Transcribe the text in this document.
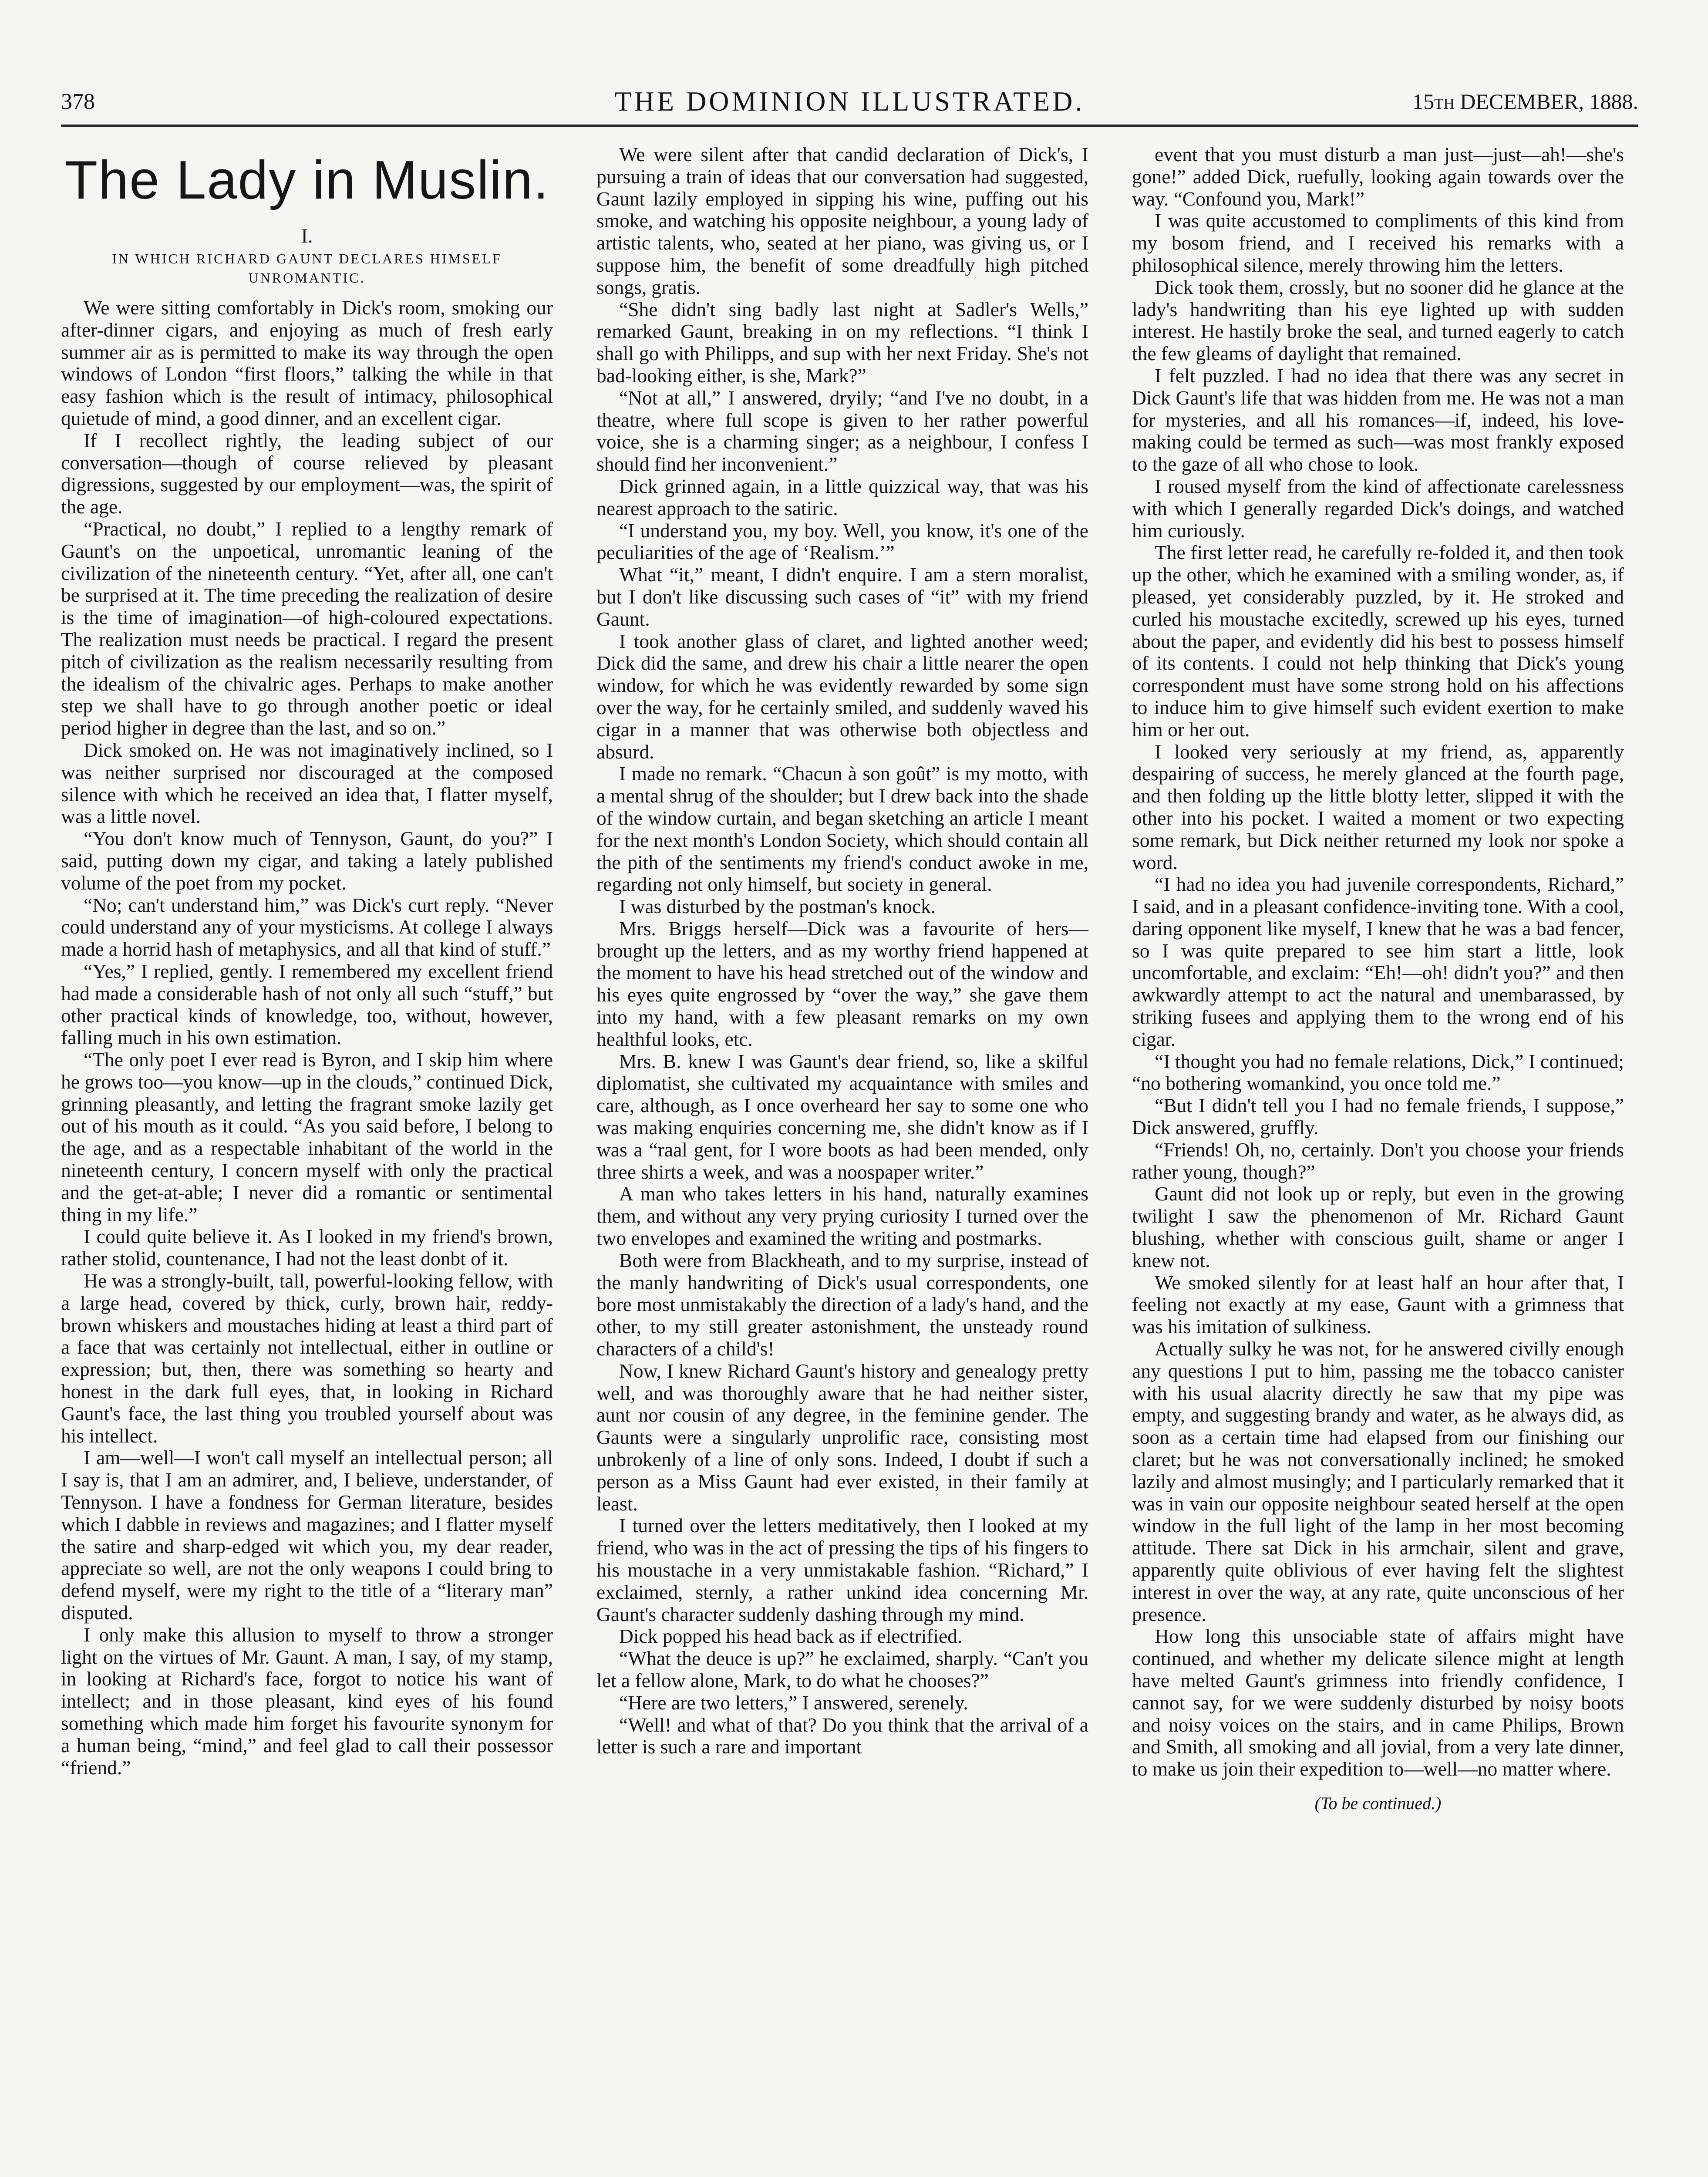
378	THE DOMINION ILLUSTRATED.	15th DECEMBER, 1888.
The Lady in Muslin.
I.
IN WHICH RICHARD GAUNT DECLARES HIMSELF UNROMANTIC.

We were sitting comfortably in Dick's room, smoking our after-dinner cigars, and enjoying as much of fresh early summer air as is permitted to make its way through the open windows of London “first floors,” talking the while in that easy fashion which is the result of intimacy, philosophical quietude of mind, a good dinner, and an excellent cigar.

If I recollect rightly, the leading subject of our conversation—though of course relieved by pleasant digressions, suggested by our employment—was, the spirit of the age.

“Practical, no doubt,” I replied to a lengthy remark of Gaunt's on the unpoetical, unromantic leaning of the civilization of the nineteenth century. “Yet, after all, one can't be surprised at it. The time preceding the realization of desire is the time of imagination—of high-coloured expectations. The realization must needs be practical. I regard the present pitch of civilization as the realism necessarily resulting from the idealism of the chivalric ages. Perhaps to make another step we shall have to go through another poetic or ideal period higher in degree than the last, and so on.”

Dick smoked on. He was not imaginatively inclined, so I was neither surprised nor discouraged at the composed silence with which he received an idea that, I flatter myself, was a little novel.

“You don't know much of Tennyson, Gaunt, do you?” I said, putting down my cigar, and taking a lately published volume of the poet from my pocket.

“No; can't understand him,” was Dick's curt reply. “Never could understand any of your mysticisms. At college I always made a horrid hash of metaphysics, and all that kind of stuff.”

“Yes,” I replied, gently. I remembered my excellent friend had made a considerable hash of not only all such “stuff,” but other practical kinds of knowledge, too, without, however, falling much in his own estimation.

“The only poet I ever read is Byron, and I skip him where he grows too—you know—up in the clouds,” continued Dick, grinning pleasantly, and letting the fragrant smoke lazily get out of his mouth as it could. “As you said before, I belong to the age, and as a respectable inhabitant of the world in the nineteenth century, I concern myself with only the practical and the get-at-able; I never did a romantic or sentimental thing in my life.”

I could quite believe it. As I looked in my friend's brown, rather stolid, countenance, I had not the least donbt of it.

He was a strongly-built, tall, powerful-looking fellow, with a large head, covered by thick, curly, brown hair, reddy-brown whiskers and moustaches hiding at least a third part of a face that was certainly not intellectual, either in outline or expression; but, then, there was something so hearty and honest in the dark full eyes, that, in looking in Richard Gaunt's face, the last thing you troubled yourself about was his intellect.

I am—well—I won't call myself an intellectual person; all I say is, that I am an admirer, and, I believe, understander, of Tennyson. I have a fondness for German literature, besides which I dabble in reviews and magazines; and I flatter myself the satire and sharp-edged wit which you, my dear reader, appreciate so well, are not the only weapons I could bring to defend myself, were my right to the title of a “literary man” disputed.

I only make this allusion to myself to throw a stronger light on the virtues of Mr. Gaunt. A man, I say, of my stamp, in looking at Richard's face, forgot to notice his want of intellect; and in those pleasant, kind eyes of his found something which made him forget his favourite synonym for a human being, “mind,” and feel glad to call their possessor “friend.”

We were silent after that candid declaration of Dick's, I pursuing a train of ideas that our conversation had suggested, Gaunt lazily employed in sipping his wine, puffing out his smoke, and watching his opposite neighbour, a young lady of artistic talents, who, seated at her piano, was giving us, or I suppose him, the benefit of some dreadfully high pitched songs, gratis.

“She didn't sing badly last night at Sadler's Wells,” remarked Gaunt, breaking in on my reflections. “I think I shall go with Philipps, and sup with her next Friday. She's not bad-looking either, is she, Mark?”

“Not at all,” I answered, dryily; “and I've no doubt, in a theatre, where full scope is given to her rather powerful voice, she is a charming singer; as a neighbour, I confess I should find her inconvenient.”

Dick grinned again, in a little quizzical way, that was his nearest approach to the satiric.

“I understand you, my boy. Well, you know, it's one of the peculiarities of the age of ‘Realism.’”

What “it,” meant, I didn't enquire. I am a stern moralist, but I don't like discussing such cases of “it” with my friend Gaunt.

I took another glass of claret, and lighted another weed; Dick did the same, and drew his chair a little nearer the open window, for which he was evidently rewarded by some sign over the way, for he certainly smiled, and suddenly waved his cigar in a manner that was otherwise both objectless and absurd.

I made no remark. “Chacun à son goût” is my motto, with a mental shrug of the shoulder; but I drew back into the shade of the window curtain, and began sketching an article I meant for the next month's London Society, which should contain all the pith of the sentiments my friend's conduct awoke in me, regarding not only himself, but society in general.

I was disturbed by the postman's knock.

Mrs. Briggs herself—Dick was a favourite of hers—brought up the letters, and as my worthy friend happened at the moment to have his head stretched out of the window and his eyes quite engrossed by “over the way,” she gave them into my hand, with a few pleasant remarks on my own healthful looks, etc.

Mrs. B. knew I was Gaunt's dear friend, so, like a skilful diplomatist, she cultivated my acquaintance with smiles and care, although, as I once overheard her say to some one who was making enquiries concerning me, she didn't know as if I was a “raal gent, for I wore boots as had been mended, only three shirts a week, and was a noospaper writer.”

A man who takes letters in his hand, naturally examines them, and without any very prying curiosity I turned over the two envelopes and examined the writing and postmarks.

Both were from Blackheath, and to my surprise, instead of the manly handwriting of Dick's usual correspondents, one bore most unmistakably the direction of a lady's hand, and the other, to my still greater astonishment, the unsteady round characters of a child's!

Now, I knew Richard Gaunt's history and genealogy pretty well, and was thoroughly aware that he had neither sister, aunt nor cousin of any degree, in the feminine gender. The Gaunts were a singularly unprolific race, consisting most unbrokenly of a line of only sons. Indeed, I doubt if such a person as a Miss Gaunt had ever existed, in their family at least.

I turned over the letters meditatively, then I looked at my friend, who was in the act of pressing the tips of his fingers to his moustache in a very unmistakable fashion. “Richard,” I exclaimed, sternly, a rather unkind idea concerning Mr. Gaunt's character suddenly dashing through my mind.

Dick popped his head back as if electrified.

“What the deuce is up?” he exclaimed, sharply. “Can't you let a fellow alone, Mark, to do what he chooses?”

“Here are two letters,” I answered, serenely.

“Well! and what of that? Do you think that the arrival of a letter is such a rare and important

event that you must disturb a man just—just—ah!—she's gone!” added Dick, ruefully, looking again towards over the way. “Confound you, Mark!”

I was quite accustomed to compliments of this kind from my bosom friend, and I received his remarks with a philosophical silence, merely throwing him the letters.

Dick took them, crossly, but no sooner did he glance at the lady's handwriting than his eye lighted up with sudden interest. He hastily broke the seal, and turned eagerly to catch the few gleams of daylight that remained.

I felt puzzled. I had no idea that there was any secret in Dick Gaunt's life that was hidden from me. He was not a man for mysteries, and all his romances—if, indeed, his love-making could be termed as such—was most frankly exposed to the gaze of all who chose to look.

I roused myself from the kind of affectionate carelessness with which I generally regarded Dick's doings, and watched him curiously.

The first letter read, he carefully re-folded it, and then took up the other, which he examined with a smiling wonder, as, if pleased, yet considerably puzzled, by it. He stroked and curled his moustache excitedly, screwed up his eyes, turned about the paper, and evidently did his best to possess himself of its contents. I could not help thinking that Dick's young correspondent must have some strong hold on his affections to induce him to give himself such evident exertion to make him or her out.

I looked very seriously at my friend, as, apparently despairing of success, he merely glanced at the fourth page, and then folding up the little blotty letter, slipped it with the other into his pocket. I waited a moment or two expecting some remark, but Dick neither returned my look nor spoke a word.

“I had no idea you had juvenile correspondents, Richard,” I said, and in a pleasant confidence-inviting tone. With a cool, daring opponent like myself, I knew that he was a bad fencer, so I was quite prepared to see him start a little, look uncomfortable, and exclaim: “Eh!—oh! didn't you?” and then awkwardly attempt to act the natural and unembarassed, by striking fusees and applying them to the wrong end of his cigar.

“I thought you had no female relations, Dick,” I continued; “no bothering womankind, you once told me.”

“But I didn't tell you I had no female friends, I suppose,” Dick answered, gruffly.

“Friends! Oh, no, certainly. Don't you choose your friends rather young, though?”

Gaunt did not look up or reply, but even in the growing twilight I saw the phenomenon of Mr. Richard Gaunt blushing, whether with conscious guilt, shame or anger I knew not.

We smoked silently for at least half an hour after that, I feeling not exactly at my ease, Gaunt with a grimness that was his imitation of sulkiness.

Actually sulky he was not, for he answered civilly enough any questions I put to him, passing me the tobacco canister with his usual alacrity directly he saw that my pipe was empty, and suggesting brandy and water, as he always did, as soon as a certain time had elapsed from our finishing our claret; but he was not conversationally inclined; he smoked lazily and almost musingly; and I particularly remarked that it was in vain our opposite neighbour seated herself at the open window in the full light of the lamp in her most becoming attitude. There sat Dick in his armchair, silent and grave, apparently quite oblivious of ever having felt the slightest interest in over the way, at any rate, quite unconscious of her presence.

How long this unsociable state of affairs might have continued, and whether my delicate silence might at length have melted Gaunt's grimness into friendly confidence, I cannot say, for we were suddenly disturbed by noisy boots and noisy voices on the stairs, and in came Philips, Brown and Smith, all smoking and all jovial, from a very late dinner, to make us join their expedition to—well—no matter where.

(To be continued.)
